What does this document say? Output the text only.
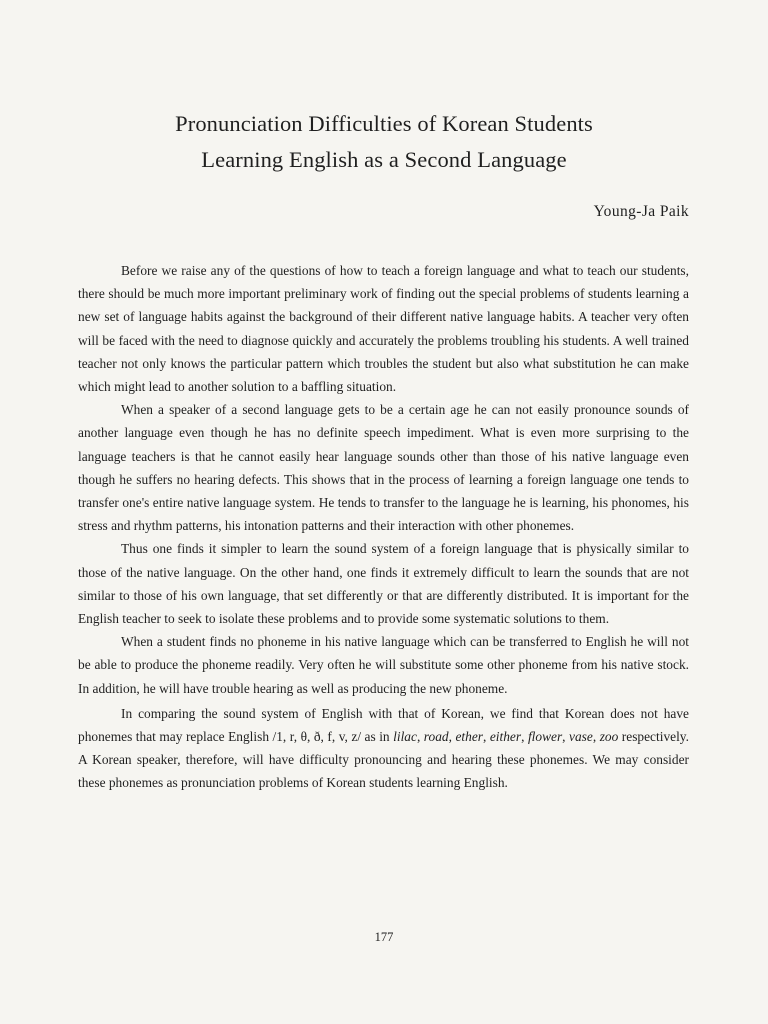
Pronunciation Difficulties of Korean Students
Learning English as a Second Language
Young-Ja Paik

Before we raise any of the questions of how to teach a foreign language and what to teach our students, there should be much more important preliminary work of finding out the special problems of students learning a new set of language habits against the background of their different native language habits. A teacher very often will be faced with the need to diagnose quickly and accurately the problems troubling his students. A well trained teacher not only knows the particular pattern which troubles the student but also what substitution he can make which might lead to another solution to a baffling situation.

When a speaker of a second language gets to be a certain age he can not easily pronounce sounds of another language even though he has no definite speech impediment. What is even more surprising to the language teachers is that he cannot easily hear language sounds other than those of his native language even though he suffers no hearing defects. This shows that in the process of learning a foreign language one tends to transfer one's entire native language system. He tends to transfer to the language he is learning, his phonomes, his stress and rhythm patterns, his intonation patterns and their interaction with other phonemes.

Thus one finds it simpler to learn the sound system of a foreign language that is physically similar to those of the native language. On the other hand, one finds it extremely difficult to learn the sounds that are not similar to those of his own language, that set differently or that are differently distributed. It is important for the English teacher to seek to isolate these problems and to provide some systematic solutions to them.

When a student finds no phoneme in his native language which can be transferred to English he will not be able to produce the phoneme readily. Very often he will substitute some other phoneme from his native stock. In addition, he will have trouble hearing as well as producing the new phoneme.

In comparing the sound system of English with that of Korean, we find that Korean does not have phonemes that may replace English /1, r, θ, ð, f, v, z/ as in lilac, road, ether, either, flower, vase, zoo respectively. A Korean speaker, therefore, will have difficulty pronouncing and hearing these phonemes. We may consider these phonemes as pronunciation problems of Korean students learning English.

177
